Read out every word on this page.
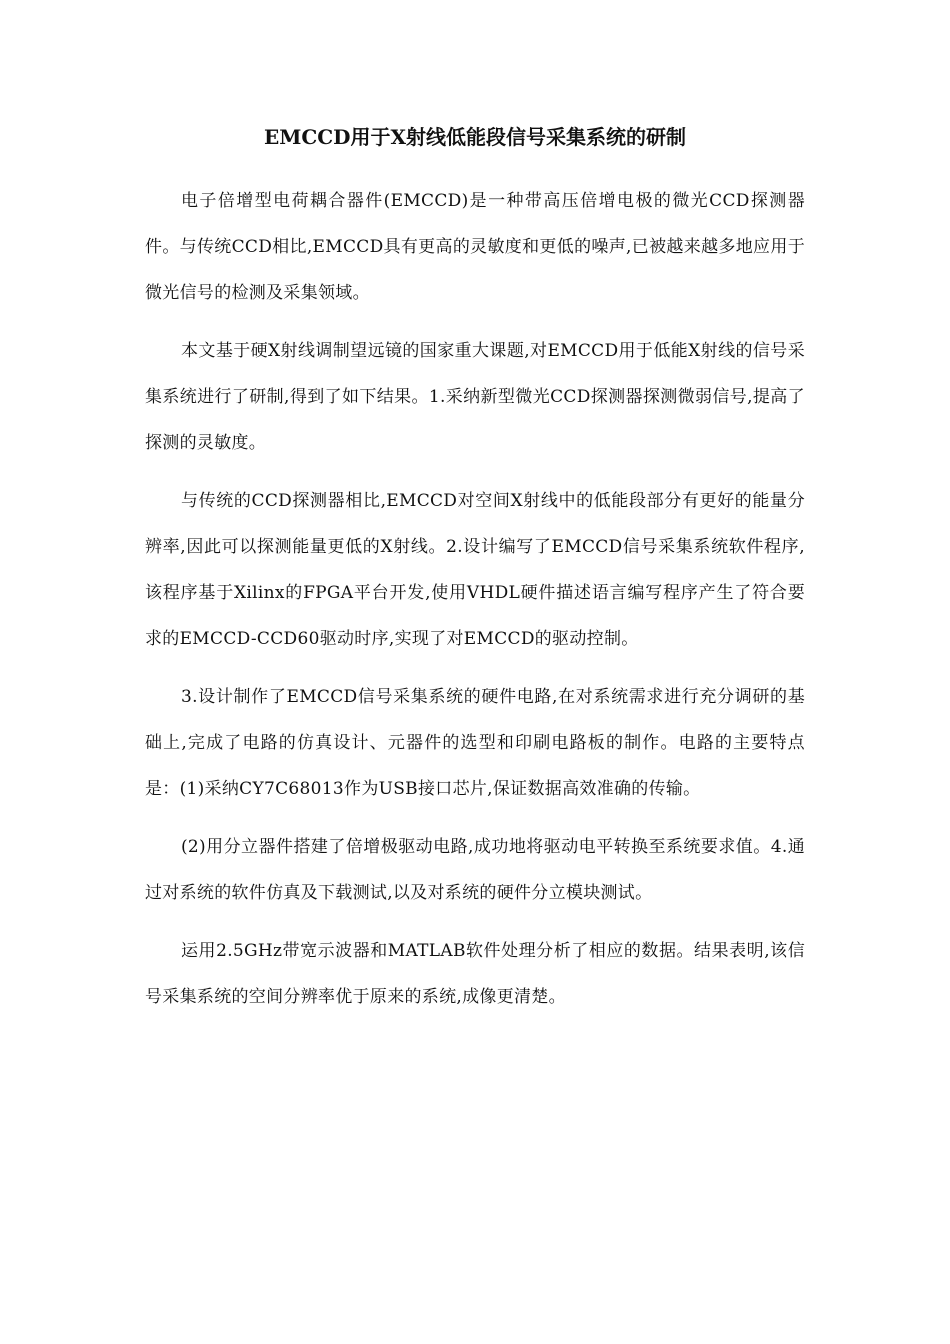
EMCCD用于X射线低能段信号采集系统的研制

电子倍增型电荷耦合器件(EMCCD)是一种带高压倍增电极的微光CCD探测器件。与传统CCD相比,EMCCD具有更高的灵敏度和更低的噪声,已被越来越多地应用于微光信号的检测及采集领域。

本文基于硬X射线调制望远镜的国家重大课题,对EMCCD用于低能X射线的信号采集系统进行了研制,得到了如下结果。1.采纳新型微光CCD探测器探测微弱信号,提高了探测的灵敏度。

与传统的CCD探测器相比,EMCCD对空间X射线中的低能段部分有更好的能量分辨率,因此可以探测能量更低的X射线。2.设计编写了EMCCD信号采集系统软件程序,该程序基于Xilinx的FPGA平台开发,使用VHDL硬件描述语言编写程序产生了符合要求的EMCCD-CCD60驱动时序,实现了对EMCCD的驱动控制。

3.设计制作了EMCCD信号采集系统的硬件电路,在对系统需求进行充分调研的基础上,完成了电路的仿真设计、元器件的选型和印刷电路板的制作。电路的主要特点是：(1)采纳CY7C68013作为USB接口芯片,保证数据高效准确的传输。

(2)用分立器件搭建了倍增极驱动电路,成功地将驱动电平转换至系统要求值。4.通过对系统的软件仿真及下载测试,以及对系统的硬件分立模块测试。

运用2.5GHz带宽示波器和MATLAB软件处理分析了相应的数据。结果表明,该信号采集系统的空间分辨率优于原来的系统,成像更清楚。
